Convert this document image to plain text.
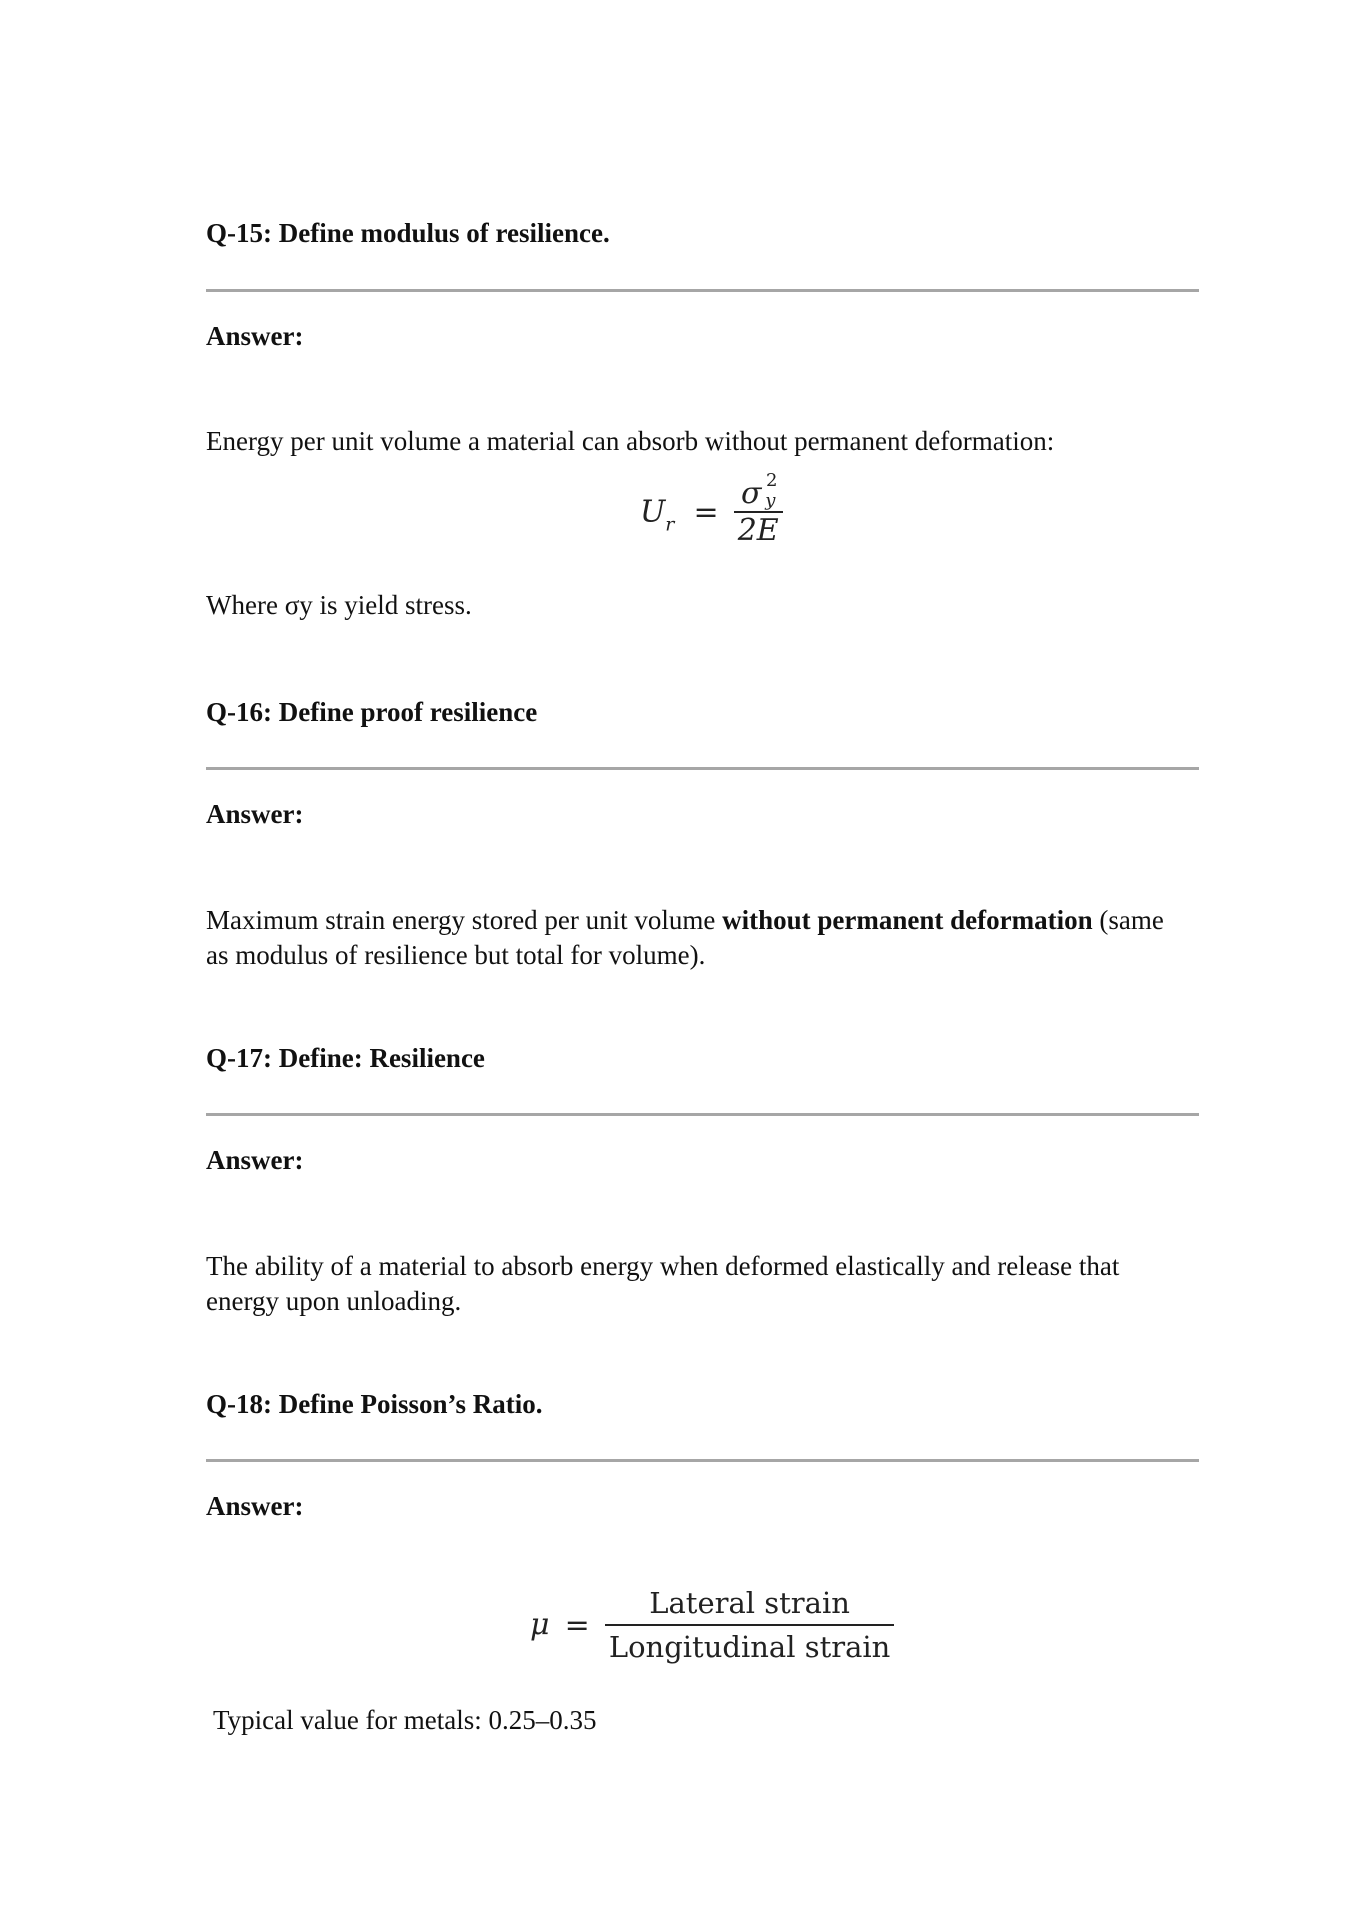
Q-15: Define modulus of resilience.
Answer:
Energy per unit volume a material can absorb without permanent deformation:
Ur = σ 2
y
2E
Where σy is yield stress.
Q-16: Define proof resilience
Answer:
Maximum strain energy stored per unit volume without permanent deformation (same
as modulus of resilience but total for volume).
Q-17: Define: Resilience
Answer:
The ability of a material to absorb energy when deformed elastically and release that
energy upon unloading.
Q-18: Define Poisson’s Ratio.
Answer:
$\mu = \frac{\text{Lateral strain}}{\text{Longitudinal strain}}$
Typical value for metals: 0.25–0.35
